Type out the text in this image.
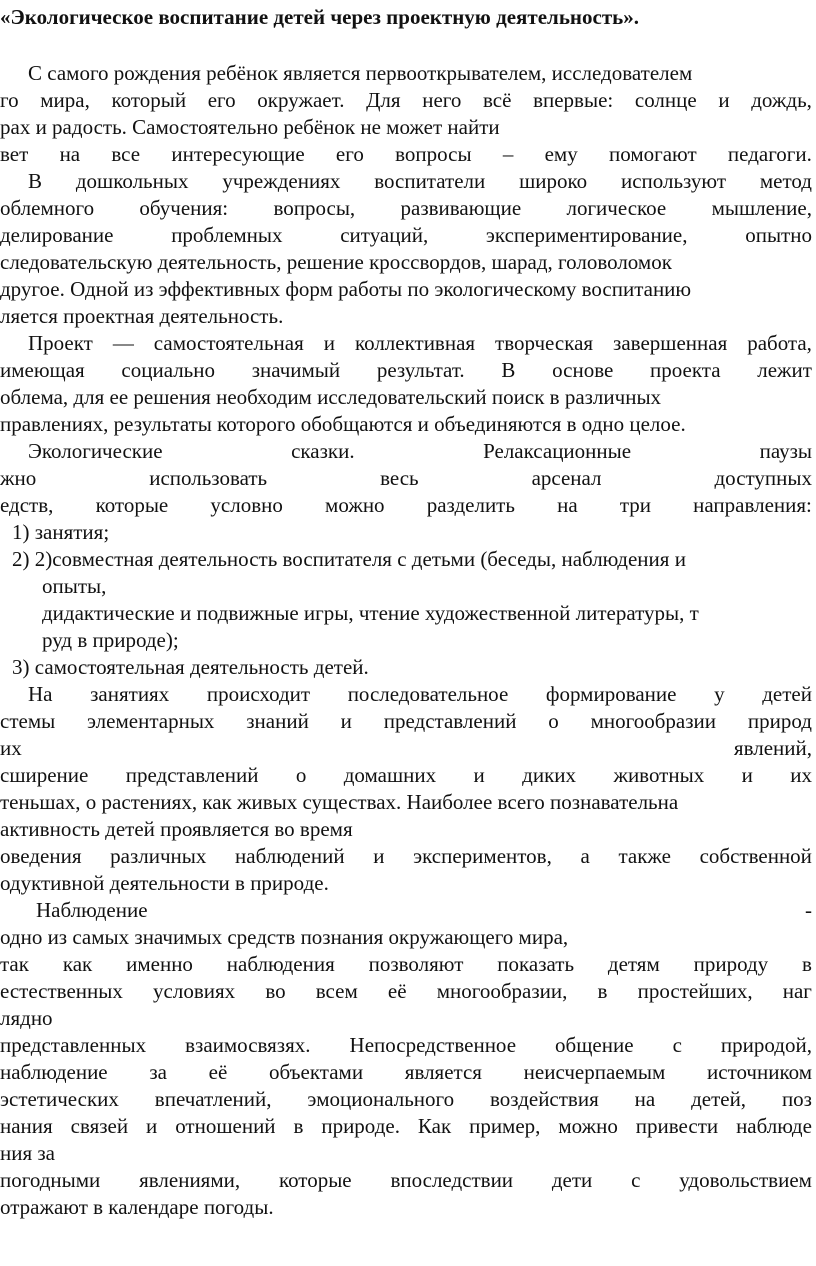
«Экологическое воспитание детей через проектную деятельность».
С самого рождения ребёнок является первооткрывателем, исследователем
го мира, который его окружает. Для него всё впервые: солнце и дождь,
рах и радость. Самостоятельно ребёнок не может найти
вет на все интересующие его вопросы – ему помогают педагоги.
В дошкольных учреждениях воспитатели широко используют метод
облемного обучения: вопросы, развивающие логическое мышление,
делирование	проблемных	ситуаций,	экспериментирование,	опытно
следовательскую деятельность, решение кроссвордов, шарад, головоломок
другое. Одной из эффективных форм работы по экологическому воспитанию
ляется проектная деятельность.
Проект — самостоятельная и коллективная творческая завершенная работа,
имеющая социально значимый результат. В основе проекта лежит
облема, для ее решения необходим исследовательский поиск в различных
правлениях, результаты которого обобщаются и объединяются в одно целое.
Экологические	сказки.	Релаксационные	паузы
жно	использовать	весь	арсенал	доступных
едств, которые условно можно разделить на три направления:
1) занятия;
2) 2)совместная деятельность воспитателя с детьми (беседы, наблюдения и
опыты,
дидактические и подвижные игры, чтение художественной литературы, т
руд в природе);
3) самостоятельная деятельность детей.
На занятиях происходит последовательное формирование у детей
стемы элементарных знаний и представлений о многообразии природ
их	явлений,
сширение представлений о домашних и диких животных и их
теньшах, о растениях, как живых существах. Наиболее всего познавательна
активность детей проявляется во время
оведения различных наблюдений и экспериментов, а также собственной
одуктивной деятельности в природе.
Наблюдение	-
одно из самых значимых средств познания окружающего мира,
так как именно наблюдения позволяют показать детям природу в
естественных условиях во всем её многообразии, в простейших, наг
лядно
представленных взаимосвязях. Непосредственное общение с природой,
наблюдение за её объектами является неисчерпаемым источником
эстетических впечатлений, эмоционального воздействия на детей, поз
нания связей и отношений в природе. Как пример, можно привести наблюде
ния за
погодными явлениями, которые впоследствии дети с удовольствием
отражают в календаре погоды.
